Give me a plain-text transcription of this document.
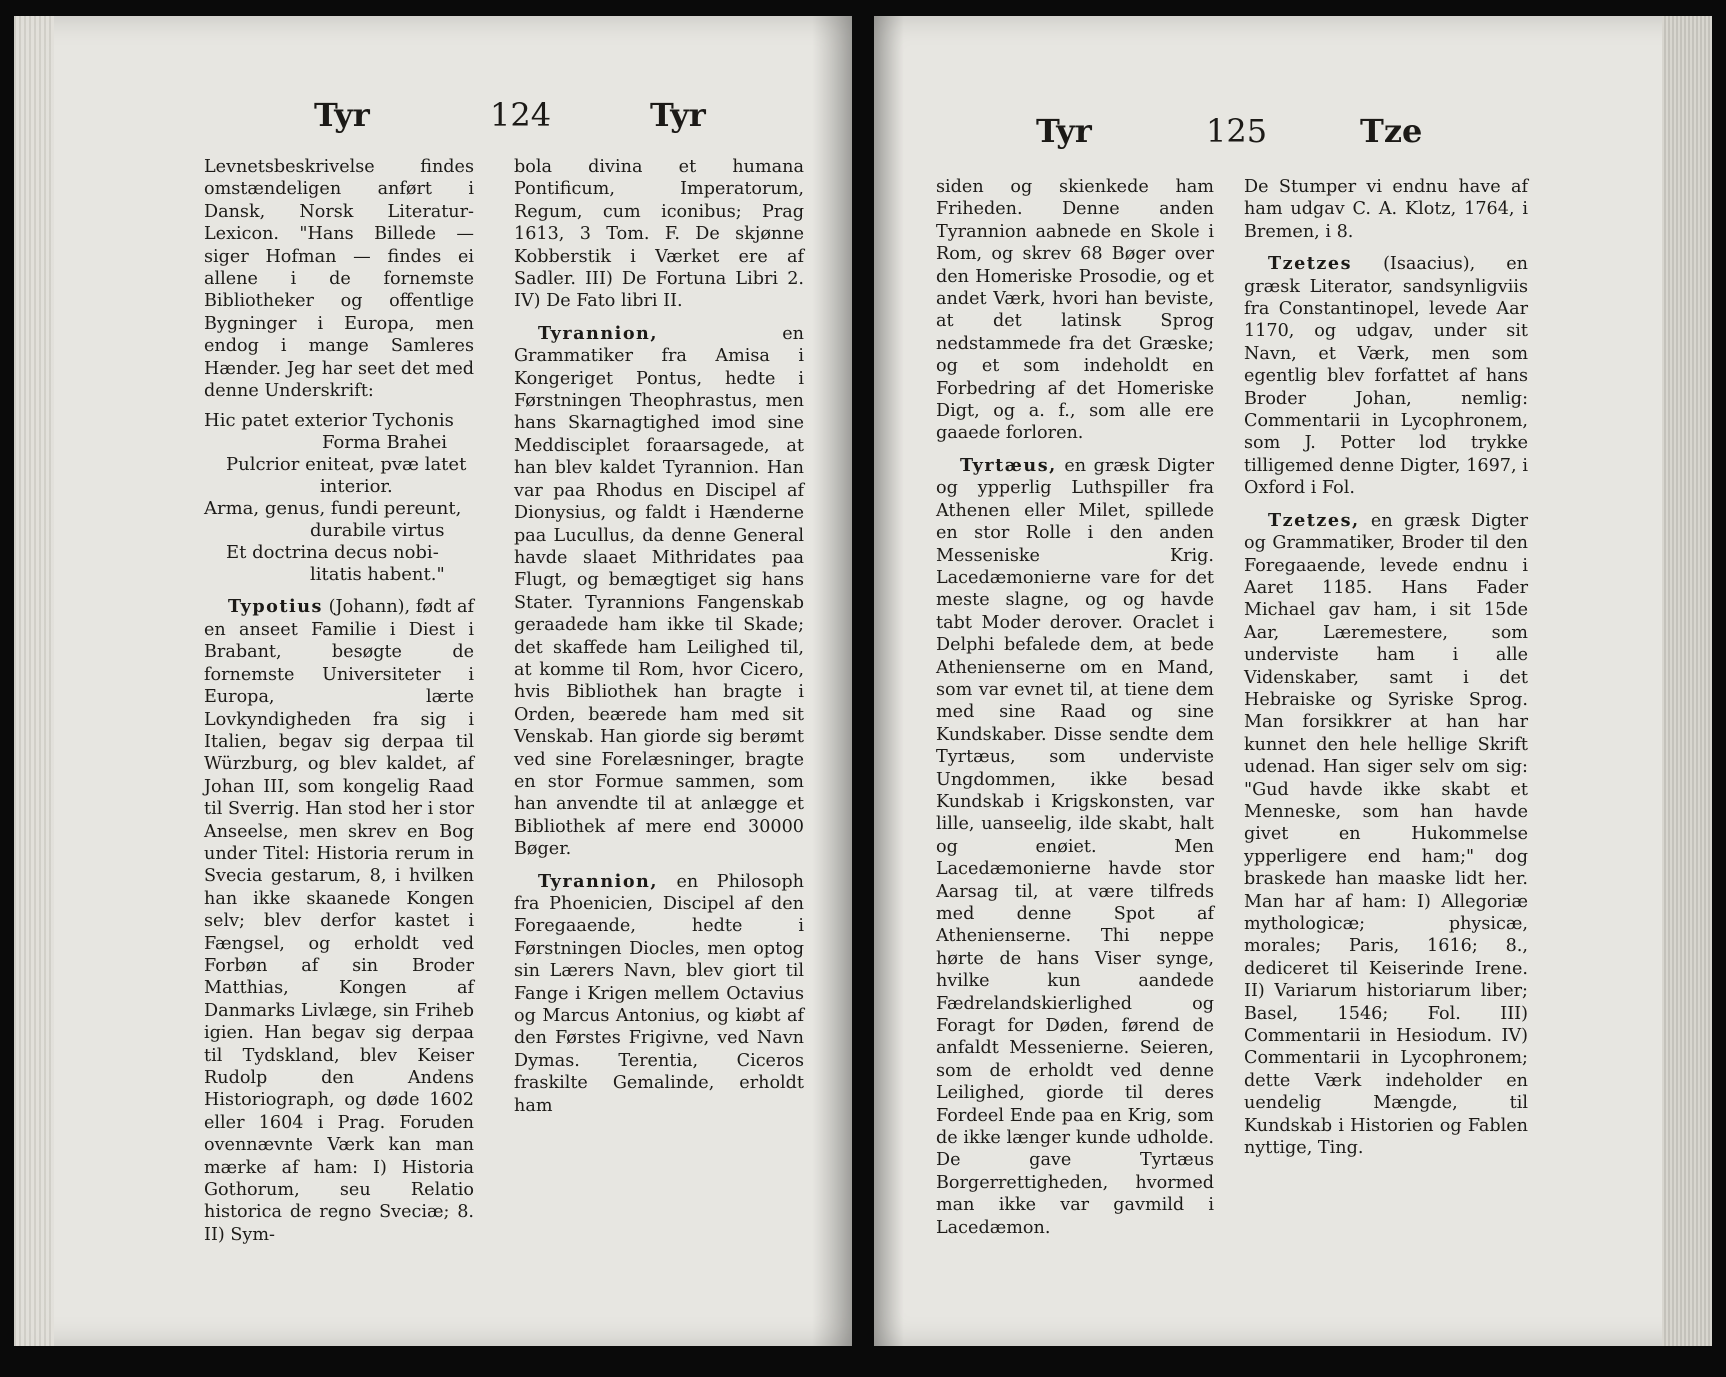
Tyr	124	Tyr

Levnetsbeskrivelse findes omstændeligen anført i Dansk, Norsk Literatur-Lexicon. "Hans Billede — siger Hofman — findes ei allene i de fornemste Bibliotheker og offentlige Bygninger i Europa, men endog i mange Samleres Hænder. Jeg har seet det med denne Underskrift:

Hic patet exterior Tychonis
Forma Brahei
Pulcrior eniteat, pvæ latet
interior.
Arma, genus, fundi pereunt,
durabile virtus
Et doctrina decus nobi-
litatis habent."

Typotius (Johann), født af en anseet Familie i Diest i Brabant, besøgte de fornemste Universiteter i Europa, lærte Lovkyndigheden fra sig i Italien, begav sig derpaa til Würzburg, og blev kaldet, af Johan III, som kongelig Raad til Sverrig. Han stod her i stor Anseelse, men skrev en Bog under Titel: Historia rerum in Svecia gestarum, 8, i hvilken han ikke skaanede Kongen selv; blev derfor kastet i Fængsel, og erholdt ved Forbøn af sin Broder Matthias, Kongen af Danmarks Livlæge, sin Friheb igien. Han begav sig derpaa til Tydskland, blev Keiser Rudolp den Andens Historiograph, og døde 1602 eller 1604 i Prag. Foruden ovennævnte Værk kan man mærke af ham: I) Historia Gothorum, seu Relatio historica de regno Sveciæ; 8. II) Sym-

bola divina et humana Pontificum, Imperatorum, Regum, cum iconibus; Prag 1613, 3 Tom. F. De skjønne Kobberstik i Værket ere af Sadler. III) De Fortuna Libri 2. IV) De Fato libri II.

Tyrannion,	en Grammatiker fra Amisa i Kongeriget Pontus, hedte i Førstningen Theophrastus, men hans Skarnagtighed imod sine Meddisciplet foraarsagede, at han blev kaldet Tyrannion. Han var paa Rhodus en Discipel af Dionysius, og faldt i Hænderne paa Lucullus, da denne General havde slaaet Mithridates paa Flugt, og bemægtiget sig hans Stater. Tyrannions Fangenskab geraadede ham ikke til Skade; det skaffede ham Leilighed til, at komme til Rom, hvor Cicero, hvis Bibliothek han bragte i Orden, beærede ham med sit Venskab. Han giorde sig berømt ved sine Forelæsninger, bragte en stor Formue sammen, som han anvendte til at anlægge et Bibliothek af mere end 30000 Bøger.

Tyrannion, en Philosoph fra Phoenicien, Discipel af den Foregaaende, hedte i Førstningen Diocles, men optog sin Lærers Navn, blev giort til Fange i Krigen mellem Octavius og Marcus Antonius, og kiøbt af den Førstes Frigivne, ved Navn Dymas. Terentia, Ciceros fraskilte Gemalinde, erholdt ham

Tyr	125	Tze

siden og skienkede ham Friheden. Denne anden Tyrannion aabnede en Skole i Rom, og skrev 68 Bøger over den Homeriske Prosodie, og et andet Værk, hvori han beviste, at det latinsk Sprog nedstammede fra det Græske; og et som indeholdt en Forbedring af det Homeriske Digt, og a. f., som alle ere gaaede forloren.

Tyrtæus, en græsk Digter og ypperlig Luthspiller fra Athenen eller Milet, spillede en stor Rolle i den anden Messeniske Krig. Lacedæmonierne vare for det meste slagne, og og havde tabt Moder derover. Oraclet i Delphi befalede dem, at bede Athenienserne om en Mand, som var evnet til, at tiene dem med sine Raad og sine Kundskaber. Disse sendte dem Tyrtæus, som underviste Ungdommen, ikke besad Kundskab i Krigskonsten, var lille, uanseelig, ilde skabt, halt og enøiet. Men Lacedæmonierne havde stor Aarsag til, at være tilfreds med denne Spot af Athenienserne. Thi neppe hørte de hans Viser synge, hvilke kun aandede Fædrelandskierlighed og Foragt for Døden, førend de anfaldt Messenierne. Seieren, som de erholdt ved denne Leilighed, giorde til deres Fordeel Ende paa en Krig, som de ikke længer kunde udholde. De gave Tyrtæus Borgerrettigheden, hvormed man ikke var gavmild i Lacedæmon.

De Stumper vi endnu have af ham udgav C. A. Klotz, 1764, i Bremen, i 8.

Tzetzes (Isaacius), en græsk Literator, sandsynligviis fra Constantinopel, levede Aar 1170, og udgav, under sit Navn, et Værk, men som egentlig blev forfattet af hans Broder Johan, nemlig: Commentarii in Lycophronem, som J. Potter lod trykke tilligemed denne Digter, 1697, i Oxford i Fol.

Tzetzes, en græsk Digter og Grammatiker, Broder til den Foregaaende, levede endnu i Aaret 1185. Hans Fader Michael gav ham, i sit 15de Aar, Læremestere, som underviste ham i alle Videnskaber, samt i det Hebraiske og Syriske Sprog. Man forsikkrer at han har kunnet den hele hellige Skrift udenad. Han siger selv om sig: "Gud havde ikke skabt et Menneske, som han havde givet en Hukommelse ypperligere end ham;" dog braskede han maaske lidt her. Man har af ham: I) Allegoriæ mythologicæ; physicæ, morales; Paris, 1616; 8., dediceret til Keiserinde Irene. II) Variarum historiarum liber; Basel, 1546; Fol. III) Commentarii in Hesiodum. IV) Commentarii in Lycophronem; dette Værk indeholder en uendelig Mængde, til Kundskab i Historien og Fablen nyttige, Ting.
